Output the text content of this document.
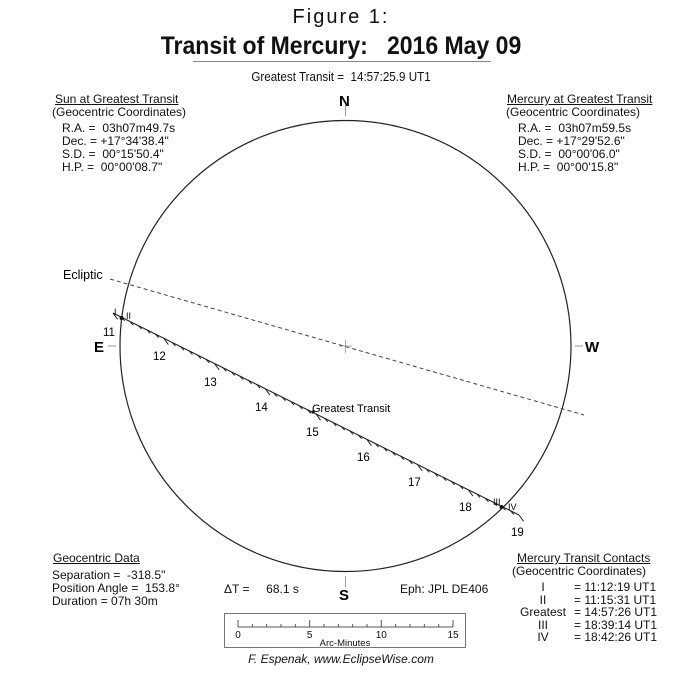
Figure 1:
Transit of Mercury:   2016 May 09
Greatest Transit =  14:57:25.9 UT1
Sun at Greatest Transit
(Geocentric Coordinates)
R.A. =  03h07m49.7s
Dec. = +17°34'38.4"
S.D. =  00°15'50.4"
H.P. =  00°00'08.7"
Mercury at Greatest Transit
(Geocentric Coordinates)
R.A. =  03h07m59.5s
Dec. = +17°29'52.6"
S.D. =  00°00'06.0"
H.P. =  00°00'15.8"
I II
III IV
11
12
13
14
15
16
17
18
19
Greatest Transit
Ecliptic
N
S
E	W
Geocentric Data
Separation =  -318.5"
Position Angle =  153.8°
Duration = 07h 30m
ΔT =     68.1 s	Eph: JPL DE406
0	5	10	15
Arc-Minutes
Mercury Transit Contacts
(Geocentric Coordinates)
I	= 11:12:19 UT1
II	= 11:15:31 UT1
Greatest	= 14:57:26 UT1
III	= 18:39:14 UT1
IV	= 18:42:26 UT1
F. Espenak, www.EclipseWise.com
